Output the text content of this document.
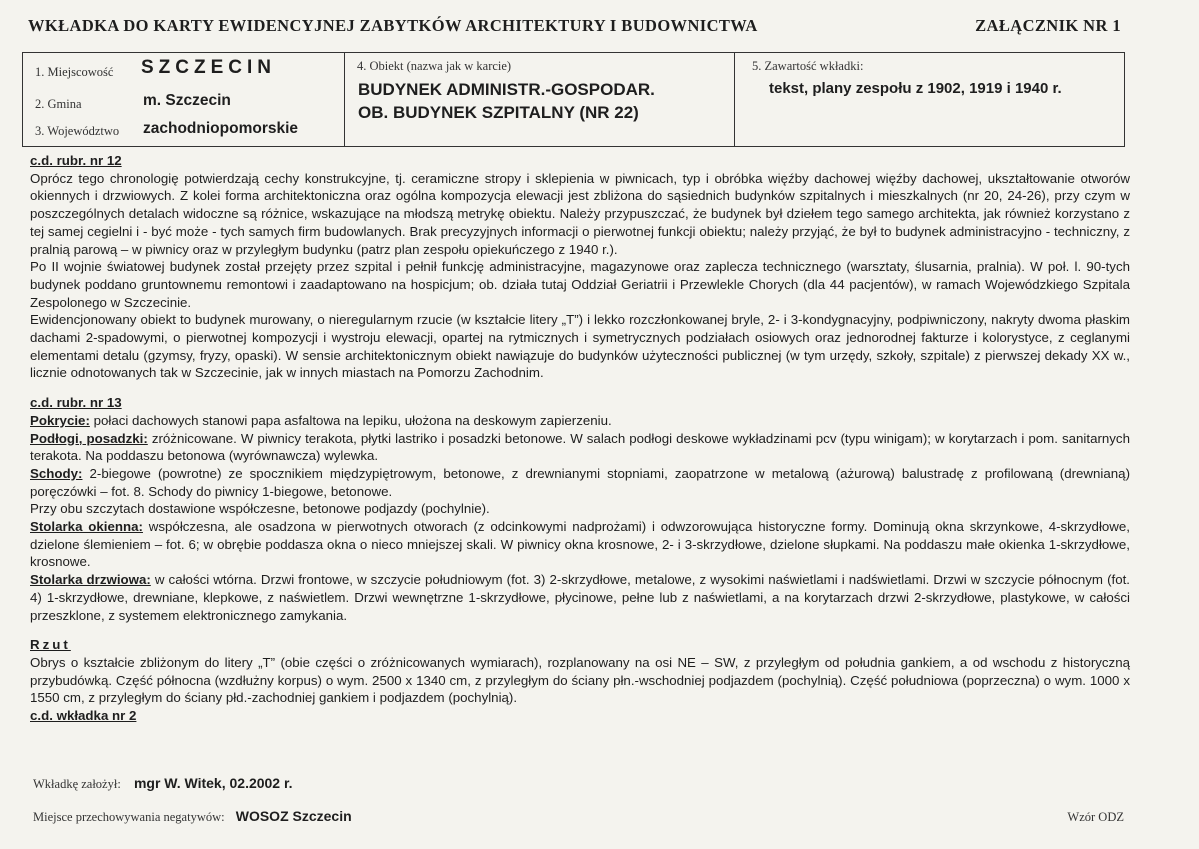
WKŁADKA DO KARTY EWIDENCYJNEJ ZABYTKÓW ARCHITEKTURY I BUDOWNICTWA	ZAŁĄCZNIK NR 1
1. Miejscowość SZCZECIN
2. Gmina	m. Szczecin
3. Województwo zachodniopomorskie
4. Obiekt (nazwa jak w karcie)
BUDYNEK ADMINISTR.-GOSPODAR.
OB. BUDYNEK SZPITALNY (NR 22)
5. Zawartość wkładki:
tekst, plany zespołu z 1902, 1919 i 1940 r.

c.d. rubr. nr 12

Oprócz tego chronologię potwierdzają cechy konstrukcyjne, tj. ceramiczne stropy i sklepienia w piwnicach, typ i obróbka więźby dachowej więźby dachowej, ukształtowanie otworów okiennych i drzwiowych. Z kolei forma architektoniczna oraz ogólna kompozycja elewacji jest zbliżona do sąsiednich budynków szpitalnych i mieszkalnych (nr 20, 24-26), przy czym w poszczególnych detalach widoczne są różnice, wskazujące na młodszą metrykę obiektu. Należy przypuszczać, że budynek był dziełem tego samego architekta, jak również korzystano z tej samej cegielni i - być może - tych samych firm budowlanych. Brak precyzyjnych informacji o pierwotnej funkcji obiektu; należy przyjąć, że był to budynek administracyjno - techniczny, z pralnią parową – w piwnicy oraz w przyległym budynku (patrz plan zespołu opiekuńczego z 1940 r.).

Po II wojnie światowej budynek został przejęty przez szpital i pełnił funkcję administracyjne, magazynowe oraz zaplecza technicznego (warsztaty, ślusarnia, pralnia). W poł. l. 90-tych budynek poddano gruntownemu remontowi i zaadaptowano na hospicjum; ob. działa tutaj Oddział Geriatrii i Przewlekle Chorych (dla 44 pacjentów), w ramach Wojewódzkiego Szpitala Zespolonego w Szczecinie.

Ewidencjonowany obiekt to budynek murowany, o nieregularnym rzucie (w kształcie litery „T”) i lekko rozczłonkowanej bryle, 2- i 3-kondygnacyjny, podpiwniczony, nakryty dwoma płaskim dachami 2-spadowymi, o pierwotnej kompozycji i wystroju elewacji, opartej na rytmicznych i symetrycznych podziałach osiowych oraz jednorodnej fakturze i kolorystyce, z ceglanymi elementami detalu (gzymsy, fryzy, opaski). W sensie architektonicznym obiekt nawiązuje do budynków użyteczności publicznej (w tym urzędy, szkoły, szpitale) z pierwszej dekady XX w., licznie odnotowanych tak w Szczecinie, jak w innych miastach na Pomorzu Zachodnim.

c.d. rubr. nr 13

Pokrycie: połaci dachowych stanowi papa asfaltowa na lepiku, ułożona na deskowym zapierzeniu.

Podłogi, posadzki: zróżnicowane. W piwnicy terakota, płytki lastriko i posadzki betonowe. W salach podłogi deskowe wykładzinami pcv (typu winigam); w korytarzach i pom. sanitarnych terakota. Na poddaszu betonowa (wyrównawcza) wylewka.

Schody: 2-biegowe (powrotne) ze spocznikiem międzypiętrowym, betonowe, z drewnianymi stopniami, zaopatrzone w metalową (ażurową) balustradę z profilowaną (drewnianą) poręczówki – fot. 8. Schody do piwnicy 1-biegowe, betonowe.

Przy obu szczytach dostawione współczesne, betonowe podjazdy (pochylnie).

Stolarka okienna: współczesna, ale osadzona w pierwotnych otworach (z odcinkowymi nadprożami) i odwzorowująca historyczne formy. Dominują okna skrzynkowe, 4-skrzydłowe, dzielone ślemieniem – fot. 6; w obrębie poddasza okna o nieco mniejszej skali. W piwnicy okna krosnowe, 2- i 3-skrzydłowe, dzielone słupkami. Na poddaszu małe okienka 1-skrzydłowe, krosnowe.

Stolarka drzwiowa: w całości wtórna. Drzwi frontowe, w szczycie południowym (fot. 3) 2-skrzydłowe, metalowe, z wysokimi naświetlami i nadświetlami. Drzwi w szczycie północnym (fot. 4) 1-skrzydłowe, drewniane, klepkowe, z naświetlem. Drzwi wewnętrzne 1-skrzydłowe, płycinowe, pełne lub z naświetlami, a na korytarzach drzwi 2-skrzydłowe, plastykowe, w całości przeszklone, z systemem elektronicznego zamykania.

Rzut

Obrys o kształcie zbliżonym do litery „T” (obie części o zróżnicowanych wymiarach), rozplanowany na osi NE – SW, z przyległym od południa gankiem, a od wschodu z historyczną przybudówką. Część północna (wzdłużny korpus) o wym. 2500 x 1340 cm, z przyległym do ściany płn.-wschodniej podjazdem (pochylnią). Część południowa (poprzeczna) o wym. 1000 x 1550 cm, z przyległym do ściany płd.-zachodniej gankiem i podjazdem (pochylnią).

c.d. wkładka nr 2

Wkładkę założył: mgr W. Witek, 02.2002 r.
Miejsce przechowywania negatywów: WOSOZ Szczecin	Wzór ODZ
